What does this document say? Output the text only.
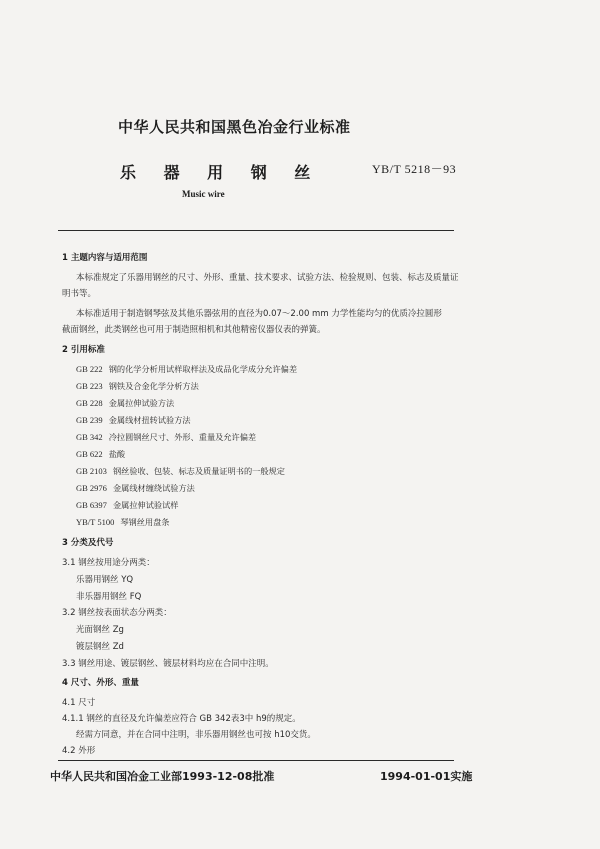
中华人民共和国黑色冶金行业标准
乐 器 用 钢 丝	YB/T 5218－93
Music wire
1 主题内容与适用范围
本标准规定了乐器用钢丝的尺寸、外形、重量、技术要求、试验方法、检验规则、包装、标志及质量证
明书等。
本标准适用于制造钢琴弦及其他乐器弦用的直径为0.07～2.00 mm 力学性能均匀的优质冷拉圆形
截面钢丝，此类钢丝也可用于制造照相机和其他精密仪器仪表的弹簧。
2 引用标准
GB 222 钢的化学分析用试样取样法及成品化学成分允许偏差
GB 223 钢铁及合金化学分析方法
GB 228 金属拉伸试验方法
GB 239 金属线材扭转试验方法
GB 342 冷拉圆钢丝尺寸、外形、重量及允许偏差
GB 622 盐酸
GB 2103 钢丝验收、包装、标志及质量证明书的一般规定
GB 2976 金属线材缠绕试验方法
GB 6397 金属拉伸试验试样
YB/T 5100 琴钢丝用盘条
3 分类及代号
3.1 钢丝按用途分两类：
乐器用钢丝 YQ
非乐器用钢丝 FQ
3.2 钢丝按表面状态分两类：
光面钢丝 Zg
镀层钢丝 Zd
3.3 钢丝用途、镀层钢丝、镀层材料均应在合同中注明。
4 尺寸、外形、重量
4.1 尺寸
4.1.1 钢丝的直径及允许偏差应符合 GB 342表3中 h9的规定。
经需方同意，并在合同中注明，非乐器用钢丝也可按 h10交货。
4.2 外形
中华人民共和国冶金工业部1993-12-08批准	1994-01-01实施
